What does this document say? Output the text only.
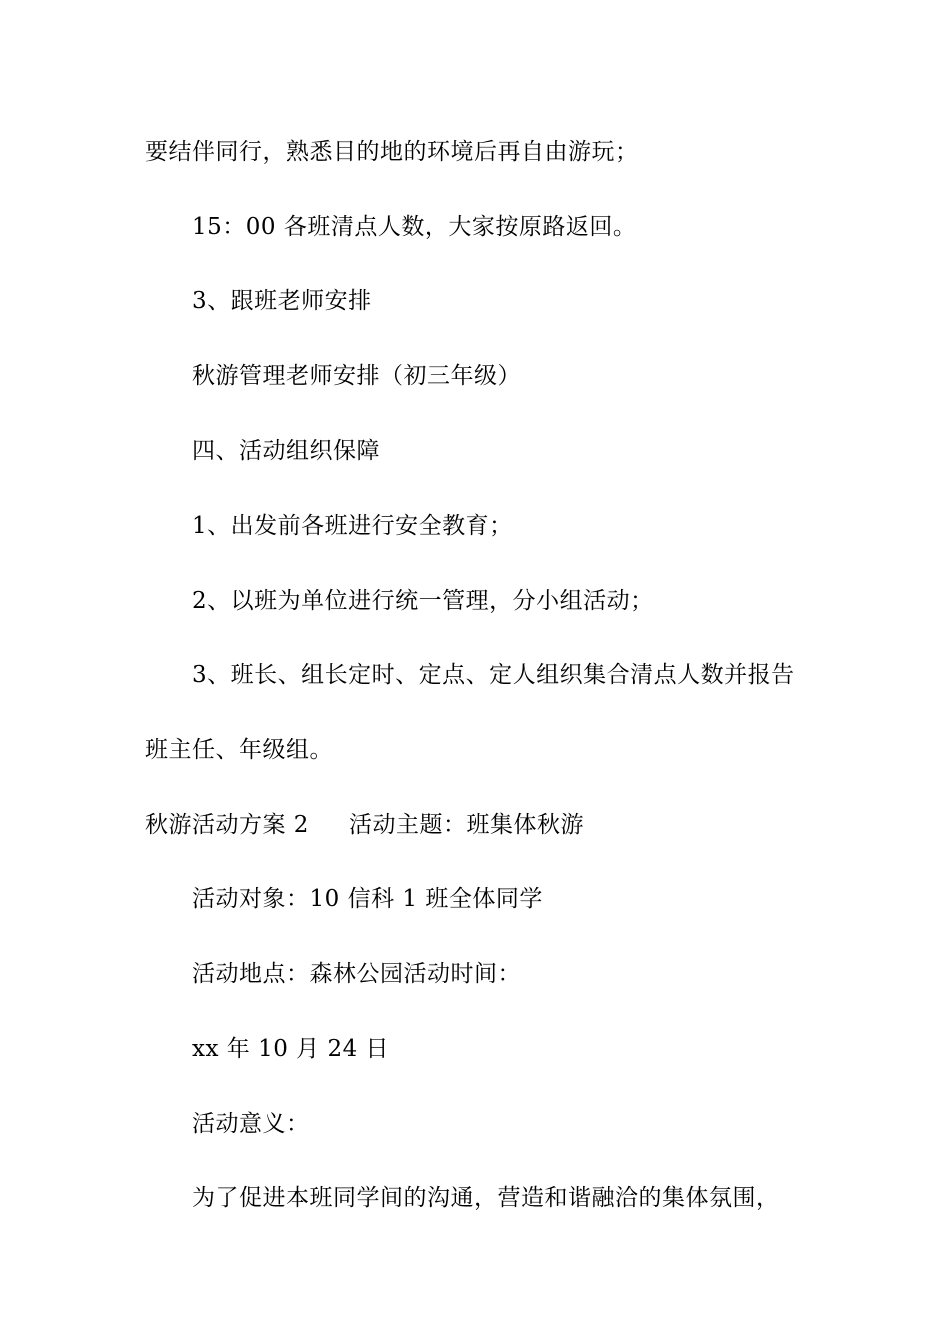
要结伴同行，熟悉目的地的环境后再自由游玩；
15：00 各班清点人数，大家按原路返回。
3、跟班老师安排
秋游管理老师安排（初三年级）
四、活动组织保障
1、出发前各班进行安全教育；
2、以班为单位进行统一管理，分小组活动；
3、班长、组长定时、定点、定人组织集合清点人数并报告
班主任、年级组。
秋游活动方案 2 活动主题：班集体秋游
活动对象：10 信科 1 班全体同学
活动地点：森林公园活动时间：
xx 年 10 月 24 日
活动意义：
为了促进本班同学间的沟通，营造和谐融洽的集体氛围，
